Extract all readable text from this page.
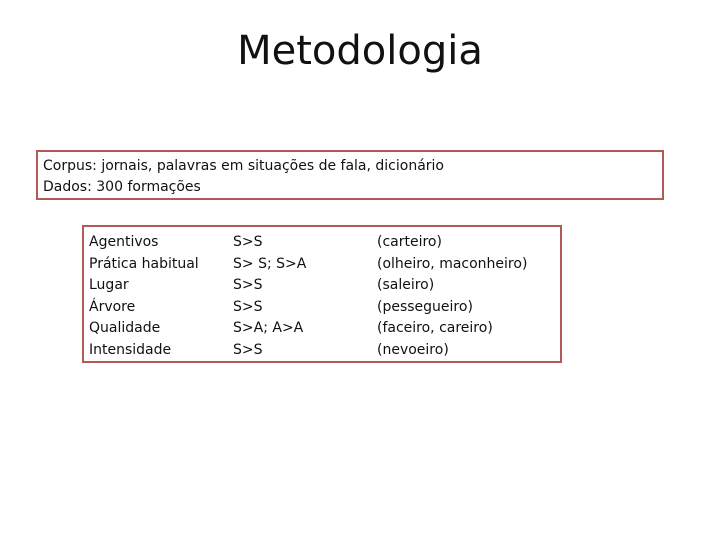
Metodologia
Corpus: jornais, palavras em situações de fala, dicionário
Dados: 300 formações
Agentivos
Prática habitual
Lugar
Árvore
Qualidade
Intensidade
S>S
S> S; S>A
S>S
S>S
S>A; A>A
S>S
(carteiro)
(olheiro, maconheiro)
(saleiro)
(pessegueiro)
(faceiro, careiro)
(nevoeiro)
